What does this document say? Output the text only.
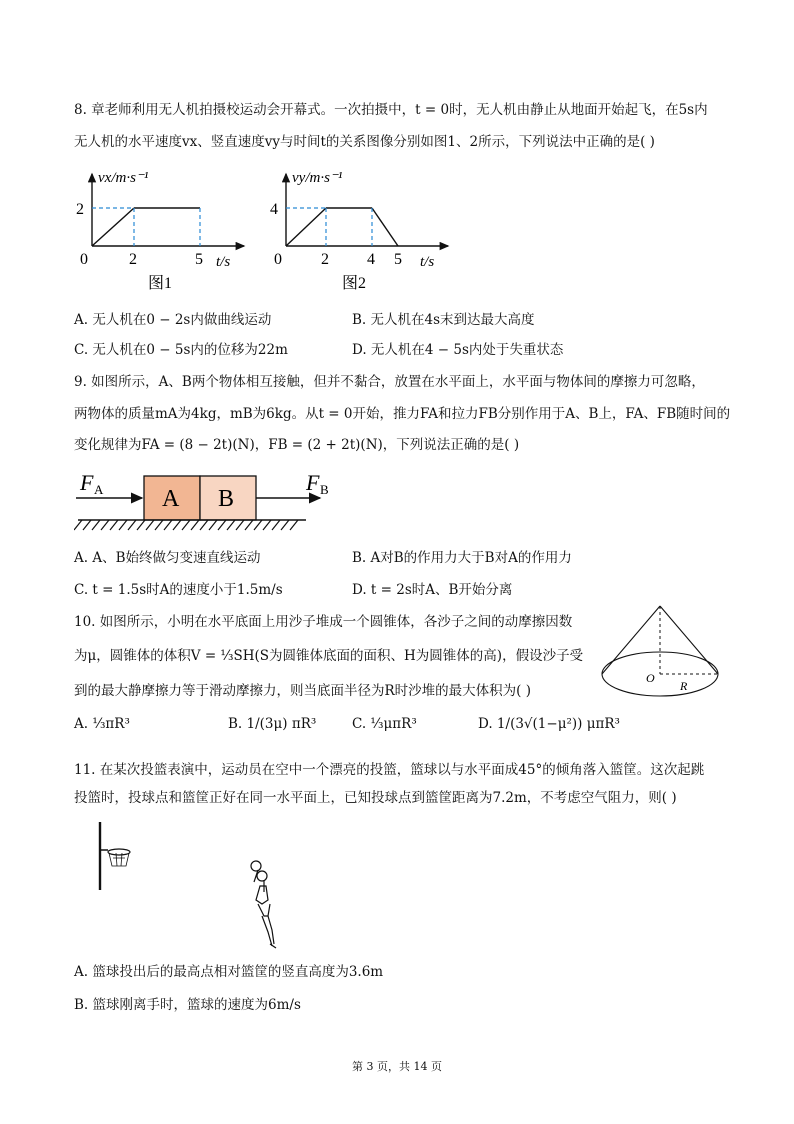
8. 章老师利用无人机拍摄校运动会开幕式。一次拍摄中，t = 0时，无人机由静止从地面开始起飞，在5s内
无人机的水平速度vx、竖直速度vy与时间t的关系图像分别如图1、2所示，下列说法中正确的是( )
vx/m·s⁻¹
2
0	2	5 t/s
图1
vy/m·s⁻¹
4
0 2 4 5 t/s
图2
A. 无人机在0 − 2s内做曲线运动	B. 无人机在4s末到达最大高度
C. 无人机在0 − 5s内的位移为22m	D. 无人机在4 − 5s内处于失重状态
9. 如图所示，A、B两个物体相互接触，但并不黏合，放置在水平面上，水平面与物体间的摩擦力可忽略，
两物体的质量mA为4kg，mB为6kg。从t = 0开始，推力FA和拉力FB分别作用于A、B上，FA、FB随时间的
变化规律为FA = (8 − 2t)(N)，FB = (2 + 2t)(N)，下列说法正确的是( )
F A	F B
A B
A. A、B始终做匀变速直线运动	B. A对B的作用力大于B对A的作用力
C. t = 1.5s时A的速度小于1.5m/s	D. t = 2s时A、B开始分离
10. 如图所示，小明在水平底面上用沙子堆成一个圆锥体，各沙子之间的动摩擦因数
为μ，圆锥体的体积V = ⅓SH(S为圆锥体底面的面积、H为圆锥体的高)，假设沙子受
到的最大静摩擦力等于滑动摩擦力，则当底面半径为R时沙堆的最大体积为( )
O
R
A. ⅓πR³	B. 1/(3μ) πR³	C. ⅓μπR³	D. 1/(3√(1−μ²)) μπR³
11. 在某次投篮表演中，运动员在空中一个漂亮的投篮，篮球以与水平面成45°的倾角落入篮筐。这次起跳
投篮时，投球点和篮筐正好在同一水平面上，已知投球点到篮筐距离为7.2m，不考虑空气阻力，则( )
A. 篮球投出后的最高点相对篮筐的竖直高度为3.6m
B. 篮球刚离手时，篮球的速度为6m/s
第 3 页，共 14 页
